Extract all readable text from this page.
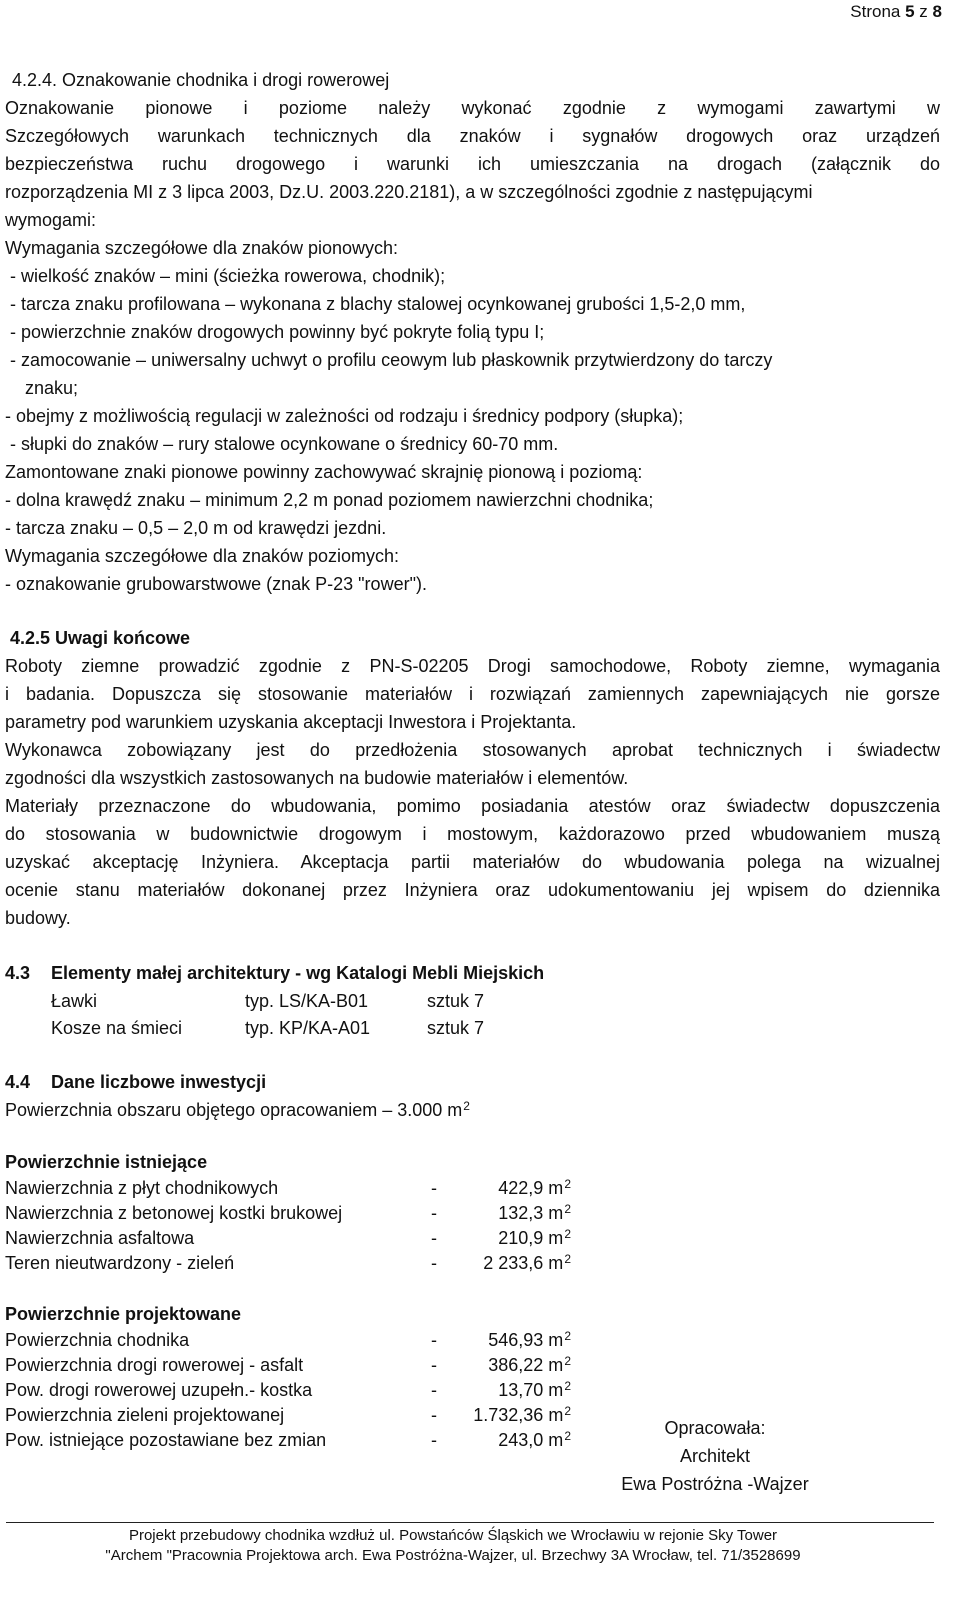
Strona 5 z 8
4.2.4. Oznakowanie chodnika i drogi rowerowej
Oznakowanie pionowe i poziome należy wykonać zgodnie z wymogami zawartymi w
Szczegółowych warunkach technicznych dla znaków i sygnałów drogowych oraz urządzeń
bezpieczeństwa ruchu drogowego i warunki ich umieszczania na drogach (załącznik do
rozporządzenia MI z 3 lipca 2003, Dz.U. 2003.220.2181), a w szczególności zgodnie z następującymi
wymogami:
Wymagania szczegółowe dla znaków pionowych:
- wielkość znaków – mini (ścieżka rowerowa, chodnik);
- tarcza znaku profilowana – wykonana z blachy stalowej ocynkowanej grubości 1,5-2,0 mm,
- powierzchnie znaków drogowych powinny być pokryte folią typu I;
- zamocowanie – uniwersalny uchwyt o profilu ceowym lub płaskownik przytwierdzony do tarczy
znaku;
- obejmy z możliwością regulacji w zależności od rodzaju i średnicy podpory (słupka);
- słupki do znaków – rury stalowe ocynkowane o średnicy 60-70 mm.
Zamontowane znaki pionowe powinny zachowywać skrajnię pionową i poziomą:
- dolna krawędź znaku – minimum 2,2 m ponad poziomem nawierzchni chodnika;
- tarcza znaku – 0,5 – 2,0 m od krawędzi jezdni.
Wymagania szczegółowe dla znaków poziomych:
- oznakowanie grubowarstwowe (znak P-23 "rower").
4.2.5 Uwagi końcowe
Roboty ziemne prowadzić zgodnie z PN-S-02205 Drogi samochodowe, Roboty ziemne, wymagania
i badania. Dopuszcza się stosowanie materiałów i rozwiązań zamiennych zapewniających nie gorsze
parametry pod warunkiem uzyskania akceptacji Inwestora i Projektanta.
Wykonawca zobowiązany jest do przedłożenia stosowanych aprobat technicznych i świadectw
zgodności dla wszystkich zastosowanych na budowie materiałów i elementów.
Materiały przeznaczone do wbudowania, pomimo posiadania atestów oraz świadectw dopuszczenia
do stosowania w budownictwie drogowym i mostowym, każdorazowo przed wbudowaniem muszą
uzyskać akceptację Inżyniera. Akceptacja partii materiałów do wbudowania polega na wizualnej
ocenie stanu materiałów dokonanej przez Inżyniera oraz udokumentowaniu jej wpisem do dziennika
budowy.
4.3	Elementy małej architektury - wg Katalogi Mebli Miejskich
Ławki	typ. LS/KA-B01	sztuk 7
Kosze na śmieci	typ. KP/KA-A01	sztuk 7
4.4	Dane liczbowe inwestycji
Powierzchnia obszaru objętego opracowaniem – 3.000 $m^2$
Powierzchnie istniejące
Nawierzchnia z płyt chodnikowych	-	422,9 $m^2$
Nawierzchnia z betonowej kostki brukowej	-	132,3 $m^2$
Nawierzchnia asfaltowa	-	210,9 $m^2$
Teren nieutwardzony - zieleń	-	2 233,6 $m^2$
Powierzchnie projektowane
Powierzchnia chodnika	-	546,93 $m^2$
Powierzchnia drogi rowerowej - asfalt	-	386,22 $m^2$
Pow. drogi rowerowej uzupełn.- kostka	-	13,70 $m^2$
Powierzchnia zieleni projektowanej	-	1.732,36 $m^2$
Pow. istniejące pozostawiane bez zmian	-	243,0 $m^2$	Opracowała:
Architekt
Ewa Postróżna -Wajzer
Projekt przebudowy chodnika wzdłuż ul. Powstańców Śląskich we Wrocławiu w rejonie Sky Tower
"Archem "Pracownia Projektowa arch. Ewa Postróżna-Wajzer, ul. Brzechwy 3A Wrocław, tel. 71/3528699
